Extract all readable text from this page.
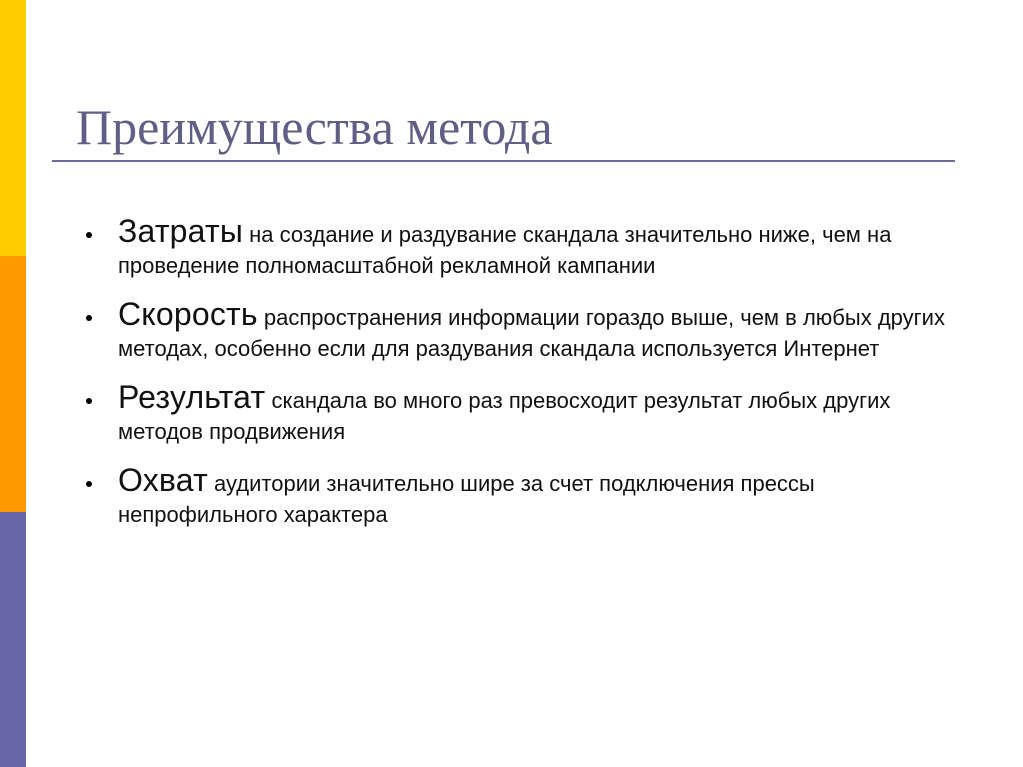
Преимущества метода
Затраты на создание и раздувание скандала значительно ниже, чем на проведение полномасштабной рекламной кампании
Скорость распространения информации гораздо выше, чем в любых других методах, особенно если для раздувания скандала используется Интернет
Результат скандала во много раз превосходит результат любых других методов продвижения
Охват аудитории значительно шире за счет подключения прессы непрофильного характера
